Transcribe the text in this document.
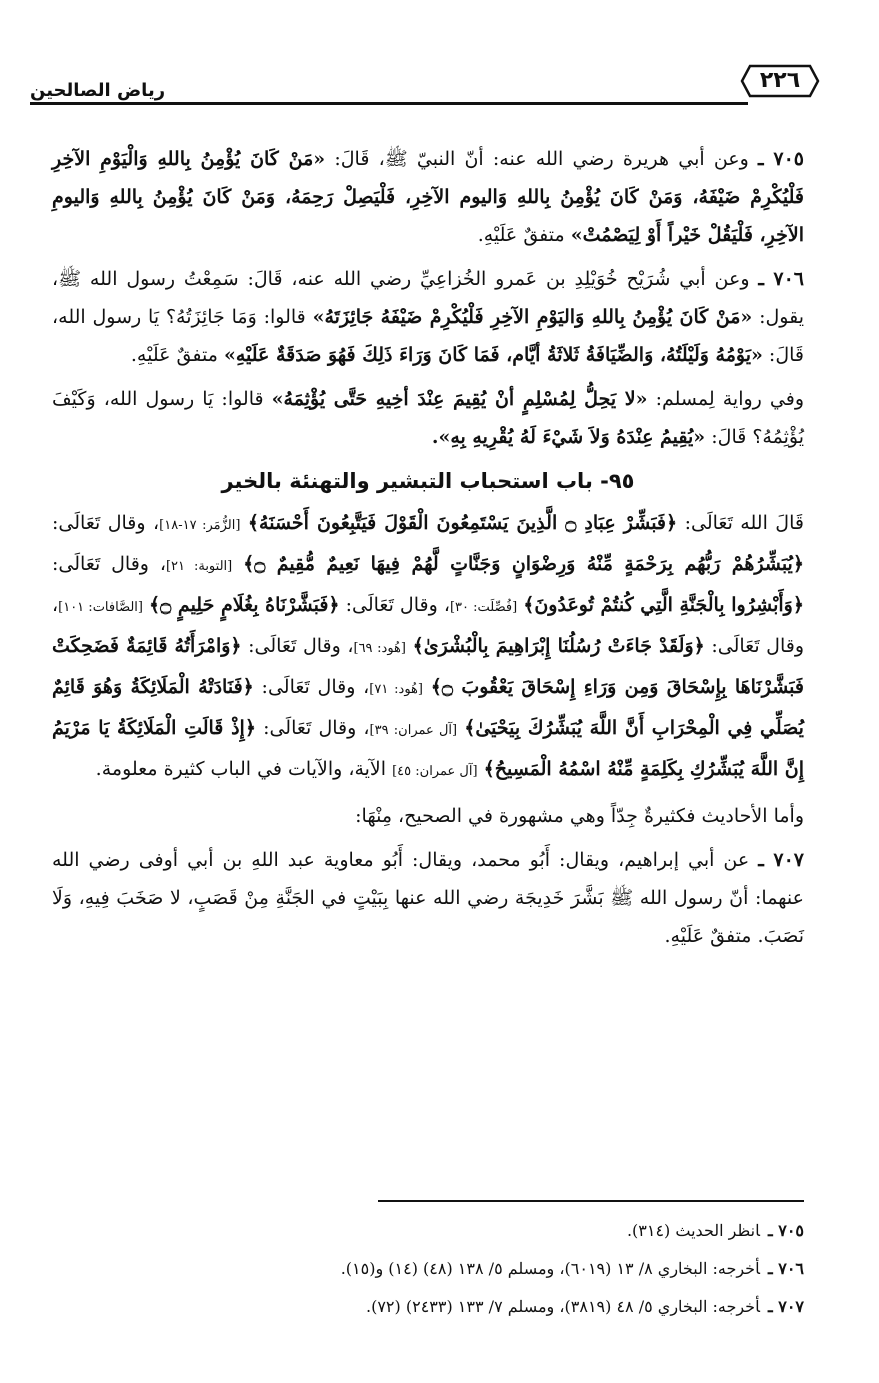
رياض الصالحين	٢٢٦

٧٠٥ ـ وعن أبي هريرة رضي الله عنه: أنّ النبيّ ﷺ، قَالَ: «مَنْ كَانَ يُؤْمِنُ بِاللهِ وَالْيَوْمِ الآخِرِ فَلْيُكْرِمْ ضَيْفَهُ، وَمَنْ كَانَ يُؤْمِنُ بِاللهِ وَاليوم الآخِرِ، فَلْيَصِلْ رَحِمَهُ، وَمَنْ كَانَ يُؤْمِنُ بِاللهِ وَاليومِ الآخِرِ، فَلْيَقُلْ خَيْراً أَوْ لِيَصْمُتْ» متفقٌ عَلَيْهِ.

٧٠٦ ـ وعن أبي شُرَيْح خُوَيْلِدِ بن عَمرو الخُزاعِيِّ رضي الله عنه، قَالَ: سَمِعْتُ رسول الله ﷺ، يقول: «مَنْ كَانَ يُؤْمِنُ بِاللهِ وَاليَوْمِ الآخِرِ فَلْيُكْرِمْ ضَيْفَهُ جَائِزَتَهُ» قالوا: وَمَا جَائِزَتُهُ؟ يَا رسول الله، قَالَ: «يَوْمُهُ وَلَيْلَتُهُ، وَالضِّيَافَةُ ثَلاثَةُ أيَّام، فَمَا كَانَ وَرَاءَ ذَلِكَ فَهُوَ صَدَقَةٌ عَلَيْهِ» متفقٌ عَلَيْهِ.

وفي رواية لِمسلم: «لا يَحِلُّ لِمُسْلِمٍ أنْ يُقِيمَ عِنْدَ أخِيهِ حَتَّى يُؤْثِمَهُ» قالوا: يَا رسول الله، وَكَيْفَ يُؤْثِمُهُ؟ قَالَ: «يُقِيمُ عِنْدَهُ وَلاَ شَيْءَ لَهُ يُقْرِيهِ بِهِ».

٩٥- باب استحباب التبشير والتهنئة بالخير

قَالَ الله تَعَالَى: ﴿فَبَشِّرْ عِبَادِ ۝ الَّذِينَ يَسْتَمِعُونَ الْقَوْلَ فَيَتَّبِعُونَ أَحْسَنَهُ﴾ [الزُّمَر: ١٧-١٨]، وقال تَعَالَى: ﴿يُبَشِّرُهُمْ رَبُّهُم بِرَحْمَةٍ مِّنْهُ وَرِضْوَانٍ وَجَنَّاتٍ لَّهُمْ فِيهَا نَعِيمٌ مُّقِيمٌ ۝﴾ [التوبة: ٢١]، وقال تَعَالَى: ﴿وَأَبْشِرُوا بِالْجَنَّةِ الَّتِي كُنتُمْ تُوعَدُونَ﴾ [فُصِّلَت: ٣٠]، وقال تَعَالَى: ﴿فَبَشَّرْنَاهُ بِغُلَامٍ حَلِيمٍ ۝﴾ [الصَّافات: ١٠١]، وقال تَعَالَى: ﴿وَلَقَدْ جَاءَتْ رُسُلُنَا إِبْرَاهِيمَ بِالْبُشْرَىٰ﴾ [هُود: ٦٩]، وقال تَعَالَى: ﴿وَامْرَأَتُهُ قَائِمَةٌ فَضَحِكَتْ فَبَشَّرْنَاهَا بِإِسْحَاقَ وَمِن وَرَاءِ إِسْحَاقَ يَعْقُوبَ ۝﴾ [هُود: ٧١]، وقال تَعَالَى: ﴿فَنَادَتْهُ الْمَلَائِكَةُ وَهُوَ قَائِمٌ يُصَلِّي فِي الْمِحْرَابِ أَنَّ اللَّهَ يُبَشِّرُكَ بِيَحْيَىٰ﴾ [آل عمران: ٣٩]، وقال تَعَالَى: ﴿إِذْ قَالَتِ الْمَلَائِكَةُ يَا مَرْيَمُ إِنَّ اللَّهَ يُبَشِّرُكِ بِكَلِمَةٍ مِّنْهُ اسْمُهُ الْمَسِيحُ﴾ [آل عمران: ٤٥] الآية، والآيات في الباب كثيرة معلومة.

وأما الأحاديث فكثيرةٌ جِدّاً وهي مشهورة في الصحيح، مِنْهَا:

٧٠٧ ـ عن أبي إبراهيم، ويقال: أَبُو محمد، ويقال: أَبُو معاوية عبد اللهِ بن أبي أوفى رضي الله عنهما: أنّ رسول الله ﷺ بَشَّرَ خَدِيجَة رضي الله عنها بِبَيْتٍ في الجَنَّةِ مِنْ قَصَبٍ، لا صَخَبَ فِيهِ، وَلَا نَصَبَ. متفقٌ عَلَيْهِ.

٧٠٥ ـانظر الحديث (٣١٤).
٧٠٦ ـأخرجه: البخاري ٨/ ١٣ (٦٠١٩)، ومسلم ٥/ ١٣٨ (٤٨) (١٤) و(١٥).
٧٠٧ ـأخرجه: البخاري ٥/ ٤٨ (٣٨١٩)، ومسلم ٧/ ١٣٣ (٢٤٣٣) (٧٢).
